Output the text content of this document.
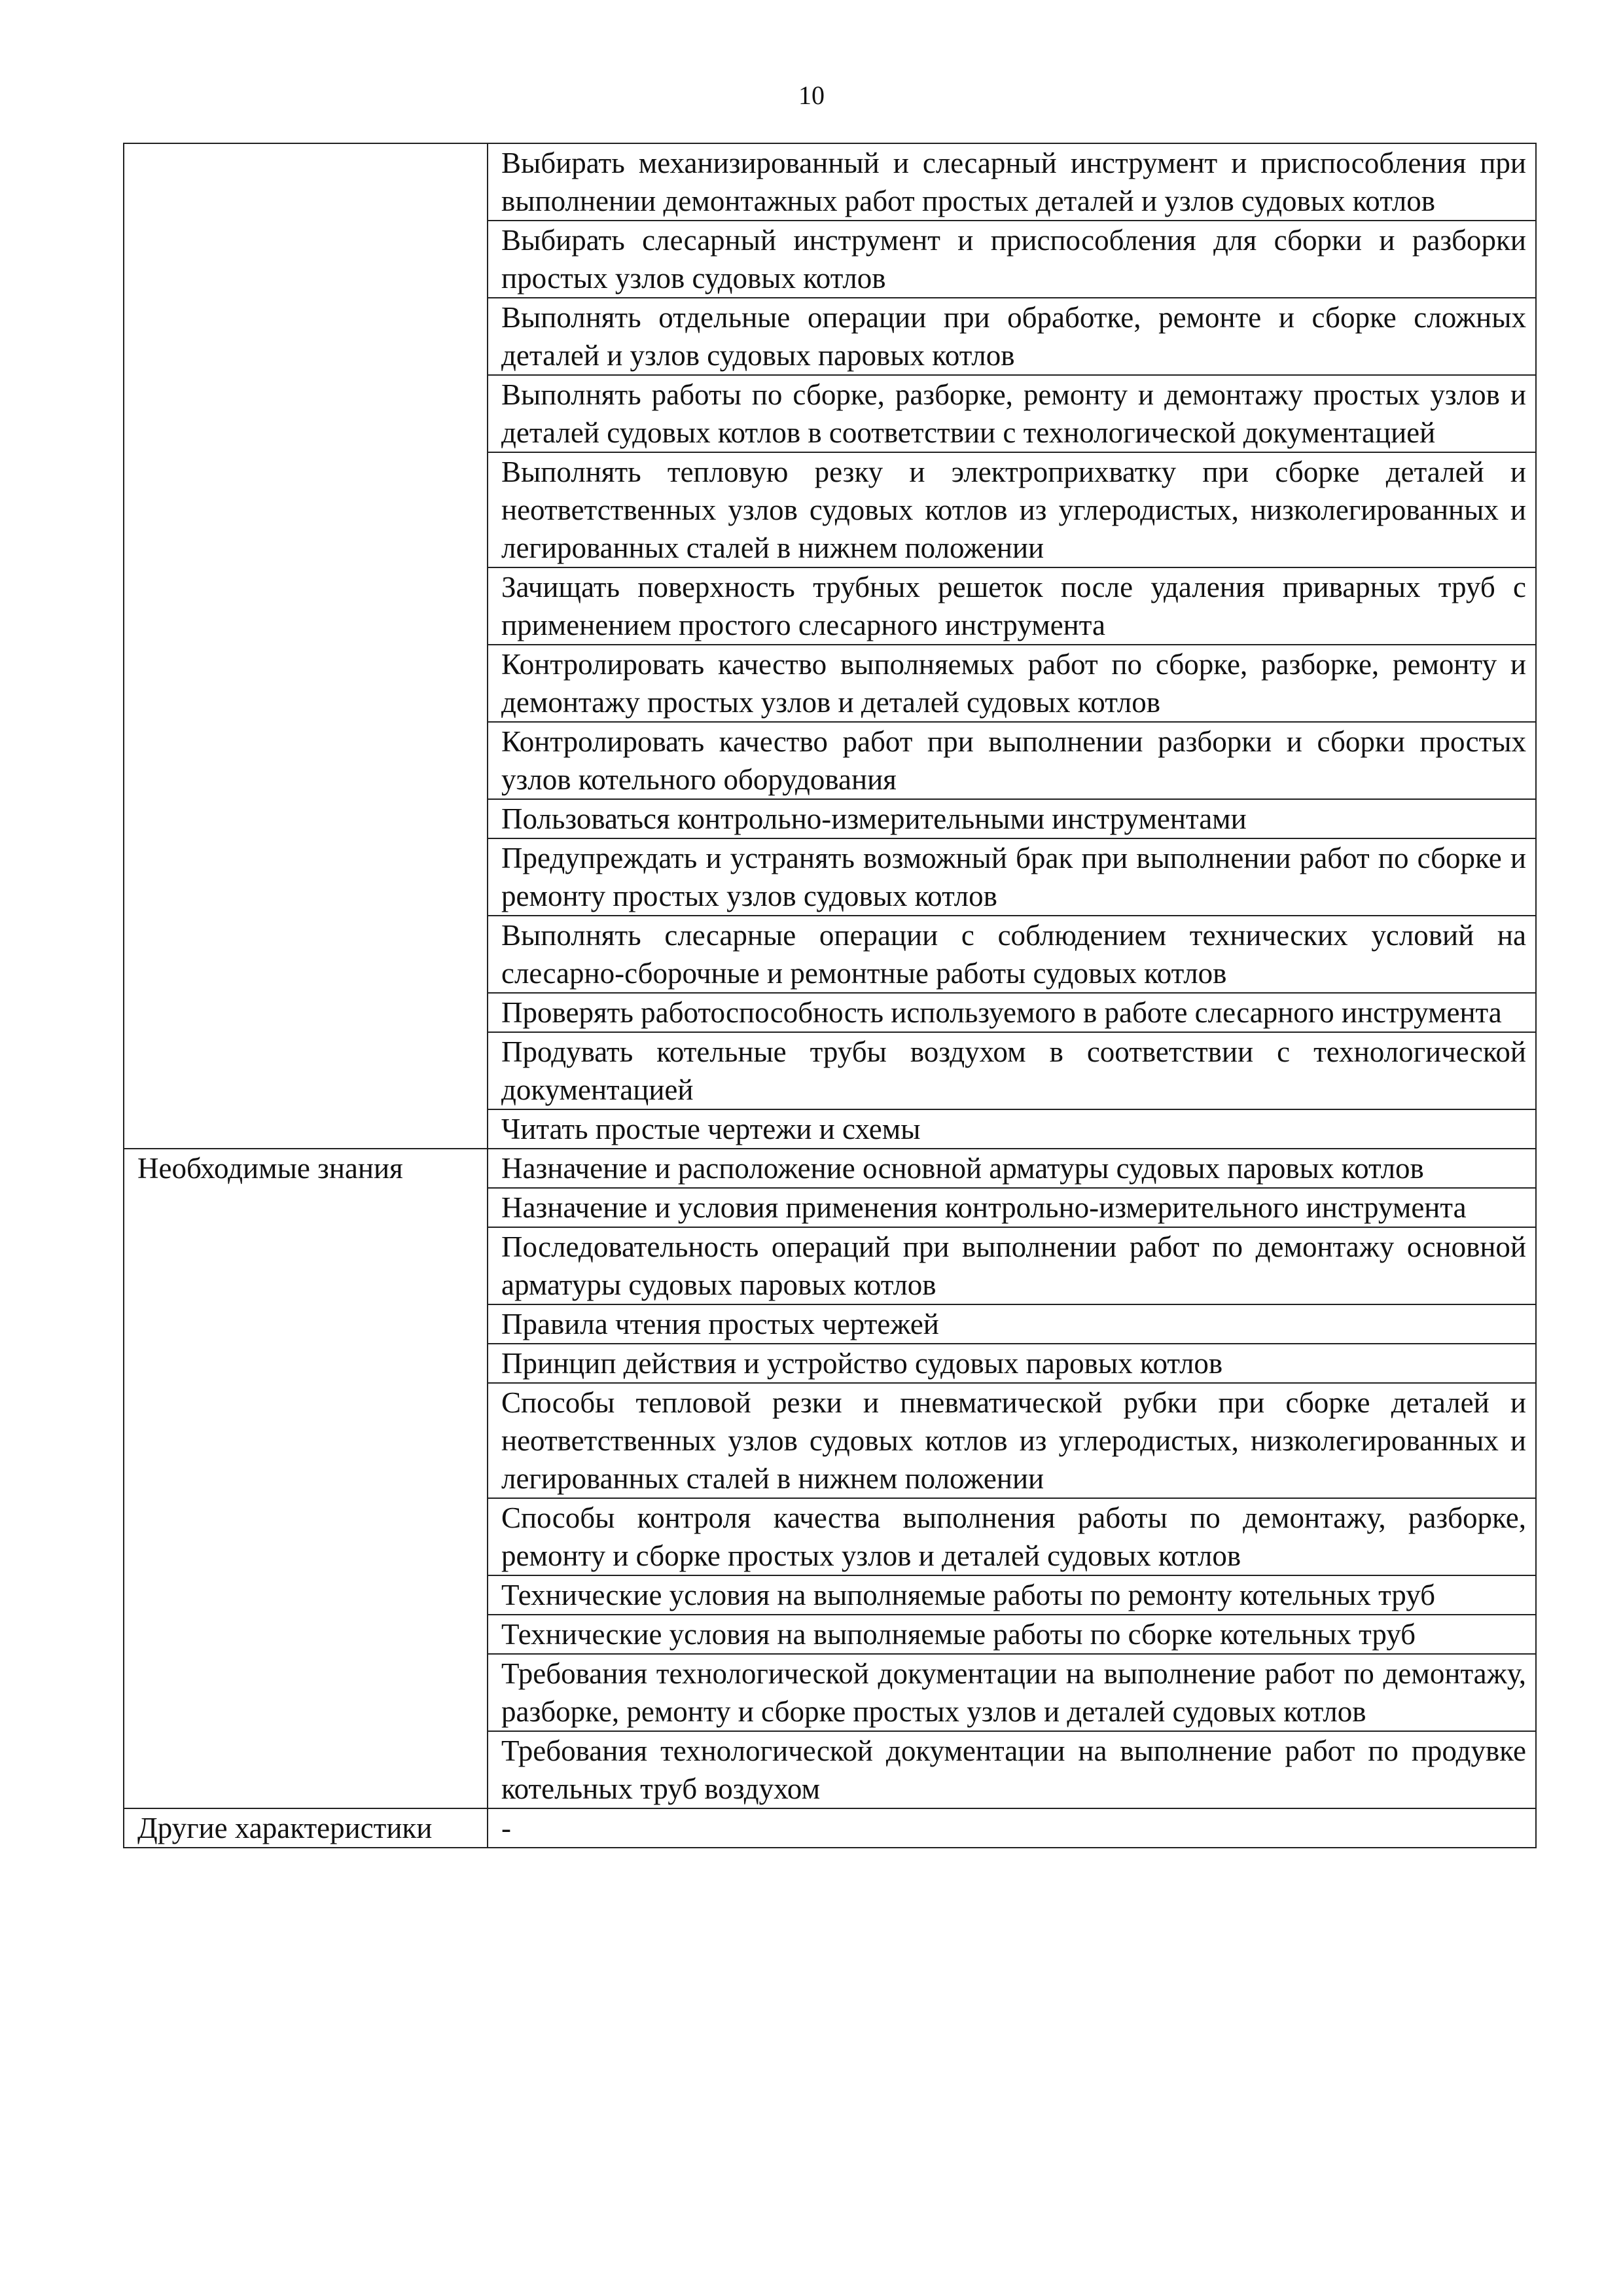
10
	Выбирать механизированный и слесарный инструмент и приспособления при выполнении демонтажных работ простых деталей и узлов судовых котлов
	Выбирать слесарный инструмент и приспособления для сборки и разборки простых узлов судовых котлов
	Выполнять отдельные операции при обработке, ремонте и сборке сложных деталей и узлов судовых паровых котлов
	Выполнять работы по сборке, разборке, ремонту и демонтажу простых узлов и деталей судовых котлов в соответствии с технологической документацией
	Выполнять тепловую резку и электроприхватку при сборке деталей и неответственных узлов судовых котлов из углеродистых, низколегированных и легированных сталей в нижнем положении
	Зачищать поверхность трубных решеток после удаления приварных труб с применением простого слесарного инструмента
	Контролировать качество выполняемых работ по сборке, разборке, ремонту и демонтажу простых узлов и деталей судовых котлов
	Контролировать качество работ при выполнении разборки и сборки простых узлов котельного оборудования
	Пользоваться контрольно-измерительными инструментами
	Предупреждать и устранять возможный брак при выполнении работ по сборке и ремонту простых узлов судовых котлов
	Выполнять слесарные операции с соблюдением технических условий на слесарно-сборочные и ремонтные работы судовых котлов
	Проверять работоспособность используемого в работе слесарного инструмента
	Продувать котельные трубы воздухом в соответствии с технологической документацией
	Читать простые чертежи и схемы
Необходимые знания	Назначение и расположение основной арматуры судовых паровых котлов
	Назначение и условия применения контрольно-измерительного инструмента
	Последовательность операций при выполнении работ по демонтажу основной арматуры судовых паровых котлов
	Правила чтения простых чертежей
	Принцип действия и устройство судовых паровых котлов
	Способы тепловой резки и пневматической рубки при сборке деталей и неответственных узлов судовых котлов из углеродистых, низколегированных и легированных сталей в нижнем положении
	Способы контроля качества выполнения работы по демонтажу, разборке, ремонту и сборке простых узлов и деталей судовых котлов
	Технические условия на выполняемые работы по ремонту котельных труб
	Технические условия на выполняемые работы по сборке котельных труб
	Требования технологической документации на выполнение работ по демонтажу, разборке, ремонту и сборке простых узлов и деталей судовых котлов
	Требования технологической документации на выполнение работ по продувке котельных труб воздухом
Другие характеристики	-
